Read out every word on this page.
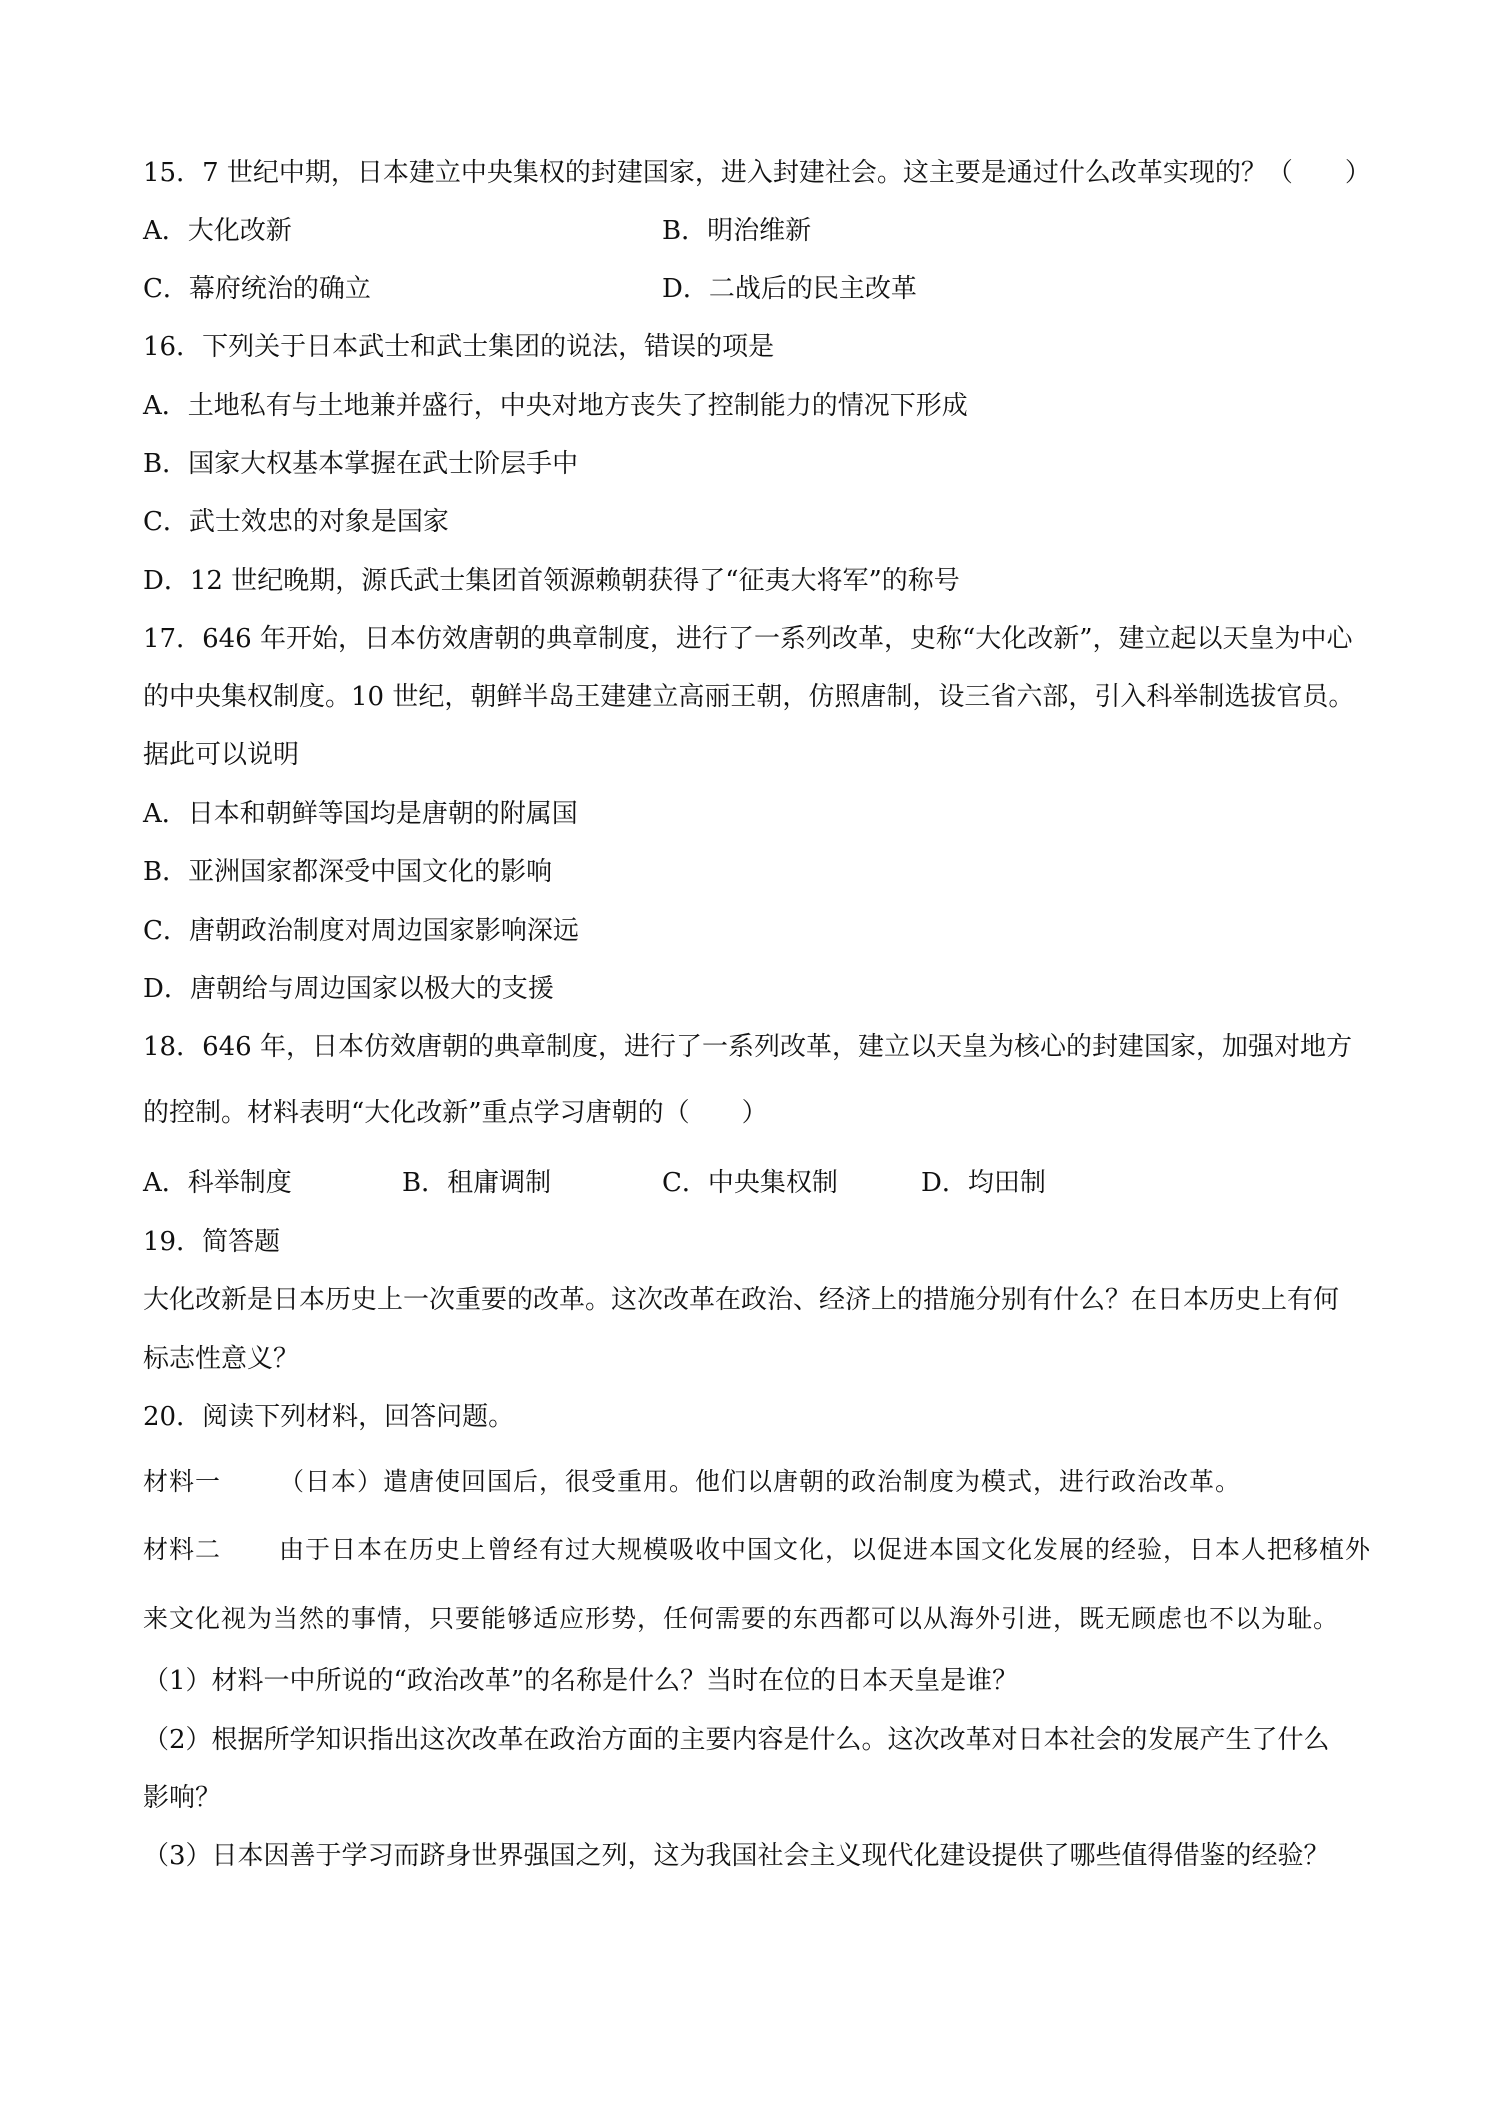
15．7 世纪中期，日本建立中央集权的封建国家，进入封建社会。这主要是通过什么改革实现的？（　　）
A．大化改新	B．明治维新
C．幕府统治的确立	D．二战后的民主改革
16．下列关于日本武士和武士集团的说法，错误的项是
A．土地私有与土地兼并盛行，中央对地方丧失了控制能力的情况下形成
B．国家大权基本掌握在武士阶层手中
C．武士效忠的对象是国家
D．12 世纪晚期，源氏武士集团首领源赖朝获得了“征夷大将军”的称号
17．646 年开始，日本仿效唐朝的典章制度，进行了一系列改革，史称“大化改新”，建立起以天皇为中心
的中央集权制度。10 世纪，朝鲜半岛王建建立高丽王朝，仿照唐制，设三省六部，引入科举制选拔官员。
据此可以说明
A．日本和朝鲜等国均是唐朝的附属国
B．亚洲国家都深受中国文化的影响
C．唐朝政治制度对周边国家影响深远
D．唐朝给与周边国家以极大的支援
18．646 年，日本仿效唐朝的典章制度，进行了一系列改革，建立以天皇为核心的封建国家，加强对地方
的控制。材料表明“大化改新”重点学习唐朝的（　　）
A．科举制度	B．租庸调制	C．中央集权制	D．均田制
19．简答题
大化改新是日本历史上一次重要的改革。这次改革在政治、经济上的措施分别有什么？在日本历史上有何
标志性意义？
20．阅读下列材料，回答问题。
材料一 （日本）遣唐使回国后，很受重用。他们以唐朝的政治制度为模式，进行政治改革。
材料二 由于日本在历史上曾经有过大规模吸收中国文化，以促进本国文化发展的经验，日本人把移植外
来文化视为当然的事情，只要能够适应形势，任何需要的东西都可以从海外引进，既无顾虑也不以为耻。
（1）材料一中所说的“政治改革”的名称是什么？当时在位的日本天皇是谁？
（2）根据所学知识指出这次改革在政治方面的主要内容是什么。这次改革对日本社会的发展产生了什么
影响？
（3）日本因善于学习而跻身世界强国之列，这为我国社会主义现代化建设提供了哪些值得借鉴的经验？
